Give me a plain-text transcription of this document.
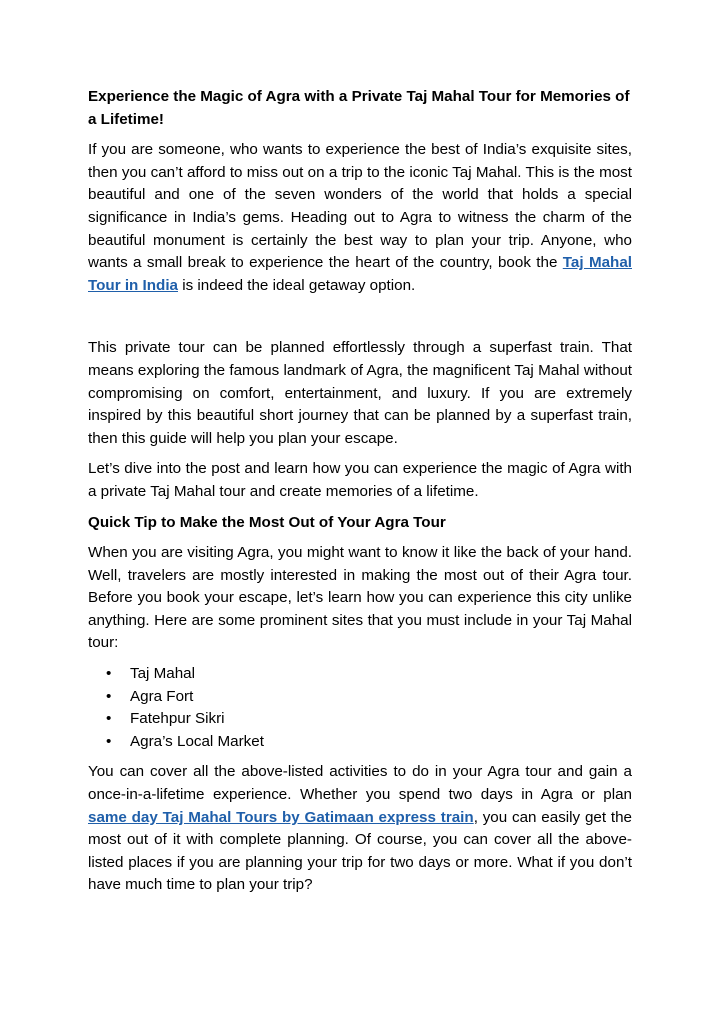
Experience the Magic of Agra with a Private Taj Mahal Tour for Memories of a Lifetime!

If you are someone, who wants to experience the best of India’s exquisite sites, then you can’t afford to miss out on a trip to the iconic Taj Mahal. This is the most beautiful and one of the seven wonders of the world that holds a special significance in India’s gems. Heading out to Agra to witness the charm of the beautiful monument is certainly the best way to plan your trip. Anyone, who wants a small break to experience the heart of the country, book the Taj Mahal Tour in India is indeed the ideal getaway option.

This private tour can be planned effortlessly through a superfast train. That means exploring the famous landmark of Agra, the magnificent Taj Mahal without compromising on comfort, entertainment, and luxury. If you are extremely inspired by this beautiful short journey that can be planned by a superfast train, then this guide will help you plan your escape.

Let’s dive into the post and learn how you can experience the magic of Agra with a private Taj Mahal tour and create memories of a lifetime.

Quick Tip to Make the Most Out of Your Agra Tour

When you are visiting Agra, you might want to know it like the back of your hand. Well, travelers are mostly interested in making the most out of their Agra tour. Before you book your escape, let’s learn how you can experience this city unlike anything. Here are some prominent sites that you must include in your Taj Mahal tour:

• Taj Mahal
• Agra Fort
• Fatehpur Sikri
• Agra’s Local Market

You can cover all the above-listed activities to do in your Agra tour and gain a once-in-a-lifetime experience. Whether you spend two days in Agra or plan same day Taj Mahal Tours by Gatimaan express train, you can easily get the most out of it with complete planning. Of course, you can cover all the above-listed places if you are planning your trip for two days or more. What if you don’t have much time to plan your trip?
